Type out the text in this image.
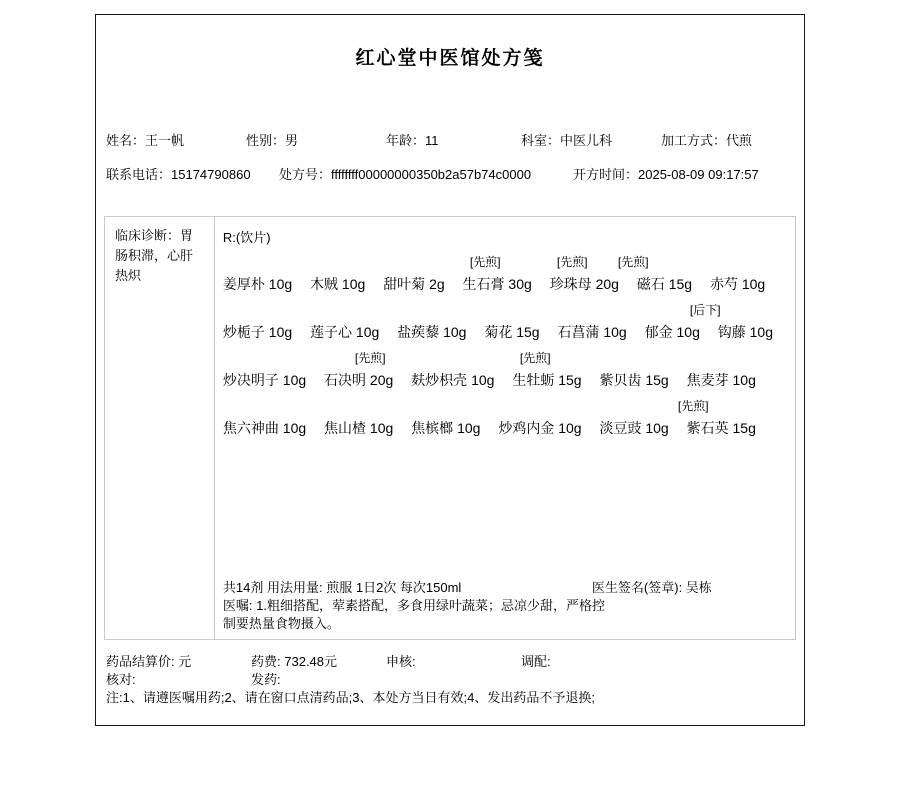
红心堂中医馆处方笺
姓名：王一帆	性别：男	年龄：11	科室：中医儿科	加工方式：代煎
联系电话：15174790860 处方号：ffffffff00000000350b2a57b74c0000	开方时间：2025-08-09 09:17:57
临床诊断：胃肠积滞，心肝热炽
R:(饮片)
[先煎]	[先煎]	[先煎]
姜厚朴 10g 木贼 10g 甜叶菊 2g 生石膏 30g 珍珠母 20g 磁石 15g 赤芍 10g
[后下]
炒栀子 10g 莲子心 10g 盐蒺藜 10g 菊花 15g 石菖蒲 10g 郁金 10g 钩藤 10g
[先煎]	[先煎]
炒决明子 10g 石决明 20g 麸炒枳壳 10g 生牡蛎 15g 紫贝齿 15g 焦麦芽 10g
[先煎]
焦六神曲 10g 焦山楂 10g 焦槟榔 10g 炒鸡内金 10g 淡豆豉 10g 紫石英 15g
共14剂 用法用量: 煎服 1日2次 每次150ml	医生签名(签章): 吴栋
医嘱: 1.粗细搭配，荤素搭配，多食用绿叶蔬菜；忌凉少甜，严格控制要热量食物摄入。
药品结算价: 元	药费: 732.48元	申核:	调配:
核对:	发药:
注:1、请遵医嘱用药;2、请在窗口点清药品;3、本处方当日有效;4、发出药品不予退换;
